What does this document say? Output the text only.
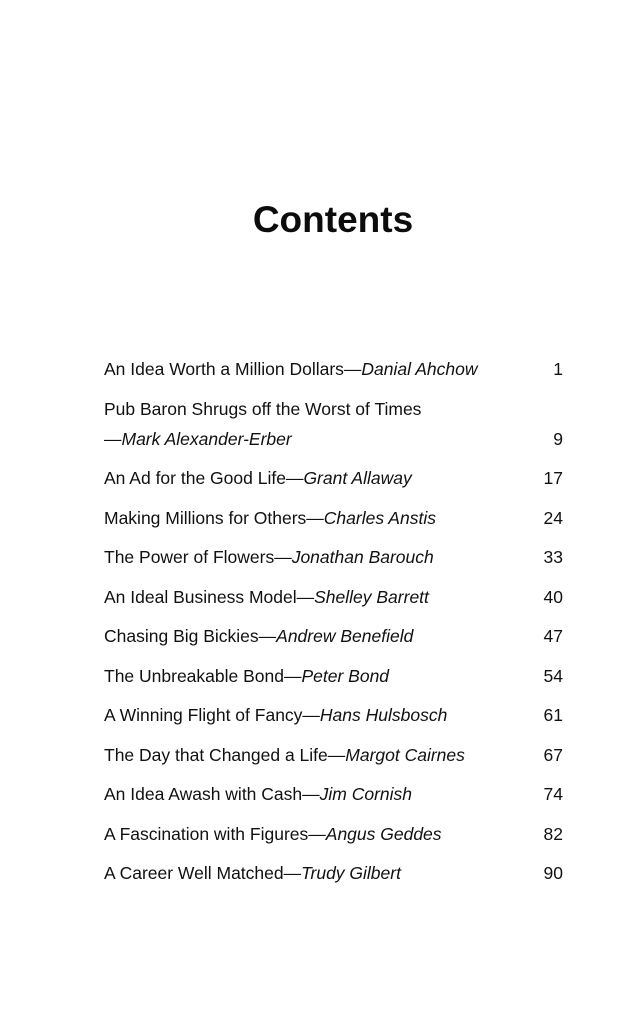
Contents
An Idea Worth a Million Dollars—Danial Ahchow	1
Pub Baron Shrugs off the Worst of Times
—Mark Alexander-Erber	9
An Ad for the Good Life—Grant Allaway	17
Making Millions for Others—Charles Anstis	24
The Power of Flowers—Jonathan Barouch	33
An Ideal Business Model—Shelley Barrett	40
Chasing Big Bickies—Andrew Benefield	47
The Unbreakable Bond—Peter Bond	54
A Winning Flight of Fancy—Hans Hulsbosch	61
The Day that Changed a Life—Margot Cairnes	67
An Idea Awash with Cash—Jim Cornish	74
A Fascination with Figures—Angus Geddes	82
A Career Well Matched—Trudy Gilbert	90
